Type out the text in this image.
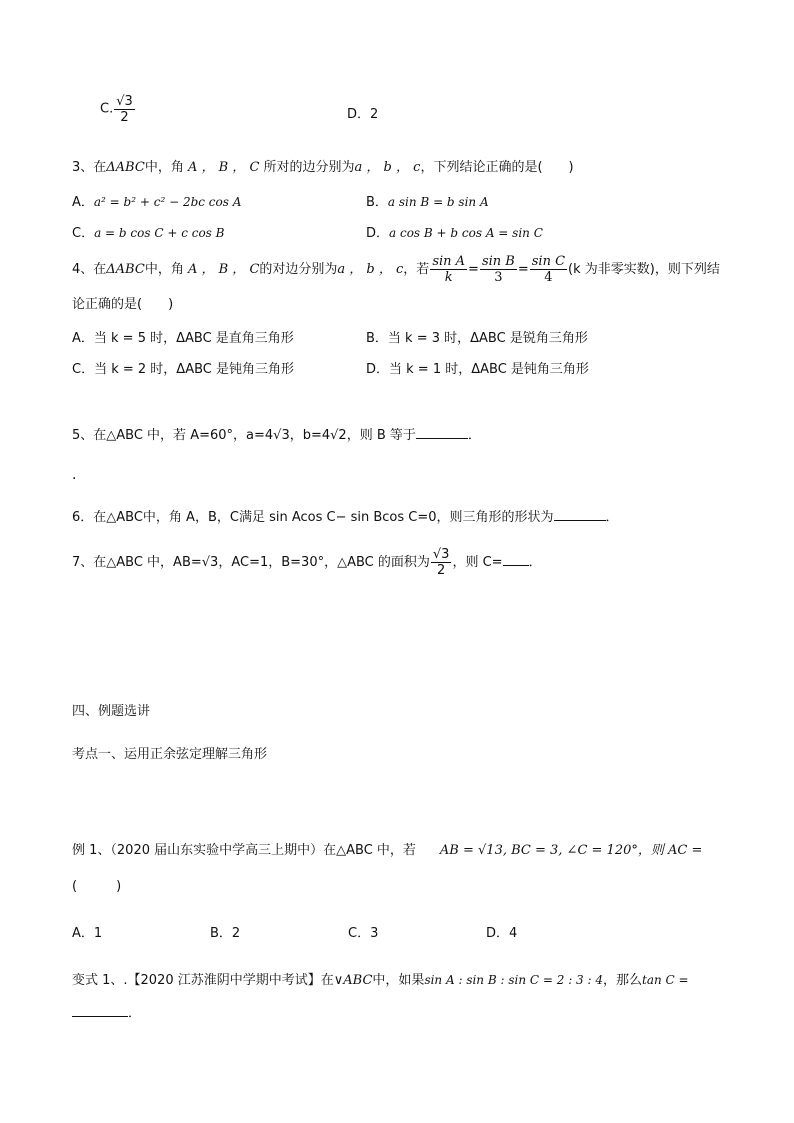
C. $\frac{√3}{2}$	D．2
3、在ΔABC中，角 A ， B ， C 所对的边分别为a ， b ， c，下列结论正确的是(　　)
A．a² = b² + c² − 2bc cos A	B．a sin B = b sin A
C．a = b cos C + c cos B	D．a cos B + b cos A = sin C
4、在ΔABC中，角 A ， B ， C的对边分别为a ， b ， c，若 $\frac{\text{sin A}}{k} = \frac{\text{sin B}}{3} = \frac{\text{sin C}}{4} (k$ 为非零实数)，则下列结
论正确的是(　　)
A．当 k = 5 时，ΔABC 是直角三角形	B．当 k = 3 时，ΔABC 是锐角三角形
C．当 k = 2 时，ΔABC 是钝角三角形	D．当 k = 1 时，ΔABC 是钝角三角形
5、在△ABC 中，若 A=60°，a=4√3，b=4√2，则 B 等于	．
.
6．在△ABC中，角 A，B，C满足 sin Acos C− sin Bcos C=0，则三角形的形状为	．
7、在△ABC 中，AB=√3，AC=1，B=30°，△ABC 的面积为 $\frac{√3}{2}$ ，则 C= ．
四、例题选讲
考点一、运用正余弦定理解三角形
例 1、（2020 届山东实验中学高三上期中）在△ABC 中，若 AB = √13, BC = 3, ∠C = 120°，则 AC =
(　　　)
A．1	B．2	C．3	D．4
变式 1、.【2020 江苏淮阴中学期中考试】在∨ABC中，如果sin A : sin B : sin C = 2 : 3 : 4，那么tan C =
．
